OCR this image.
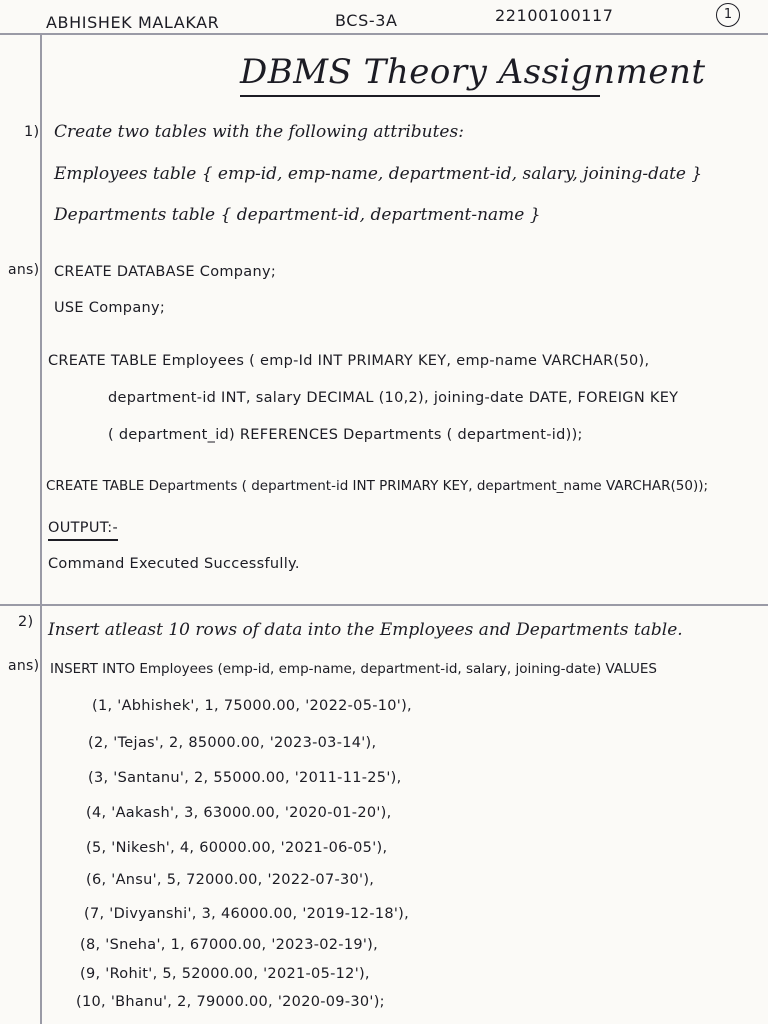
ABHISHEK MALAKAR	BCS-3A	22100100117	1
DBMS Theory Assignment
1) Create two tables with the following attributes:
Employees table { emp-id, emp-name, department-id, salary, joining-date }
Departments table { department-id, department-name }
ans) CREATE DATABASE Company;
USE Company;
CREATE TABLE Employees ( emp-Id INT PRIMARY KEY, emp-name VARCHAR(50),
department-id INT, salary DECIMAL (10,2), joining-date DATE, FOREIGN KEY
( department_id) REFERENCES Departments ( department-id));
CREATE TABLE Departments ( department-id INT PRIMARY KEY, department_name VARCHAR(50));
OUTPUT:-
Command Executed Successfully.
2) Insert atleast 10 rows of data into the Employees and Departments table.
ans) INSERT INTO Employees (emp-id, emp-name, department-id, salary, joining-date) VALUES
(1, 'Abhishek', 1, 75000.00, '2022-05-10'),
(2, 'Tejas', 2, 85000.00, '2023-03-14'),
(3, 'Santanu', 2, 55000.00, '2011-11-25'),
(4, 'Aakash', 3, 63000.00, '2020-01-20'),
(5, 'Nikesh', 4, 60000.00, '2021-06-05'),
(6, 'Ansu', 5, 72000.00, '2022-07-30'),
(7, 'Divyanshi', 3, 46000.00, '2019-12-18'),
(8, 'Sneha', 1, 67000.00, '2023-02-19'),
(9, 'Rohit', 5, 52000.00, '2021-05-12'),
(10, 'Bhanu', 2, 79000.00, '2020-09-30');
